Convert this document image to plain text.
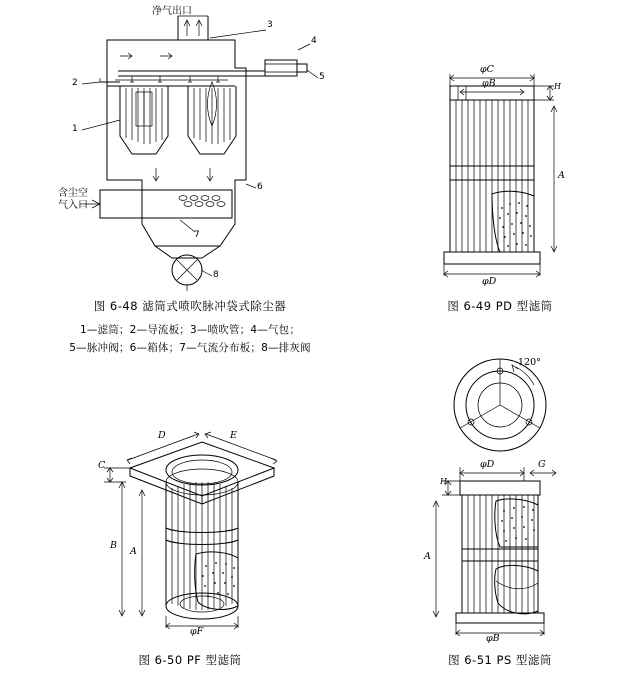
净气出口
含尘空
气入口
1
2
3
4
5
6
7
8
图 6-48 滤筒式喷吹脉冲袋式除尘器
1—滤筒；2—导流板；3—喷吹管；4—气包；
5—脉冲阀；6—箱体；7—气流分布板；8—排灰阀
φC
φB
A
φD
H
图 6-49 PD 型滤筒
D	E
C
B
A
φF
图 6-50 PF 型滤筒
120°
φD	G
H
A
φB
图 6-51 PS 型滤筒
